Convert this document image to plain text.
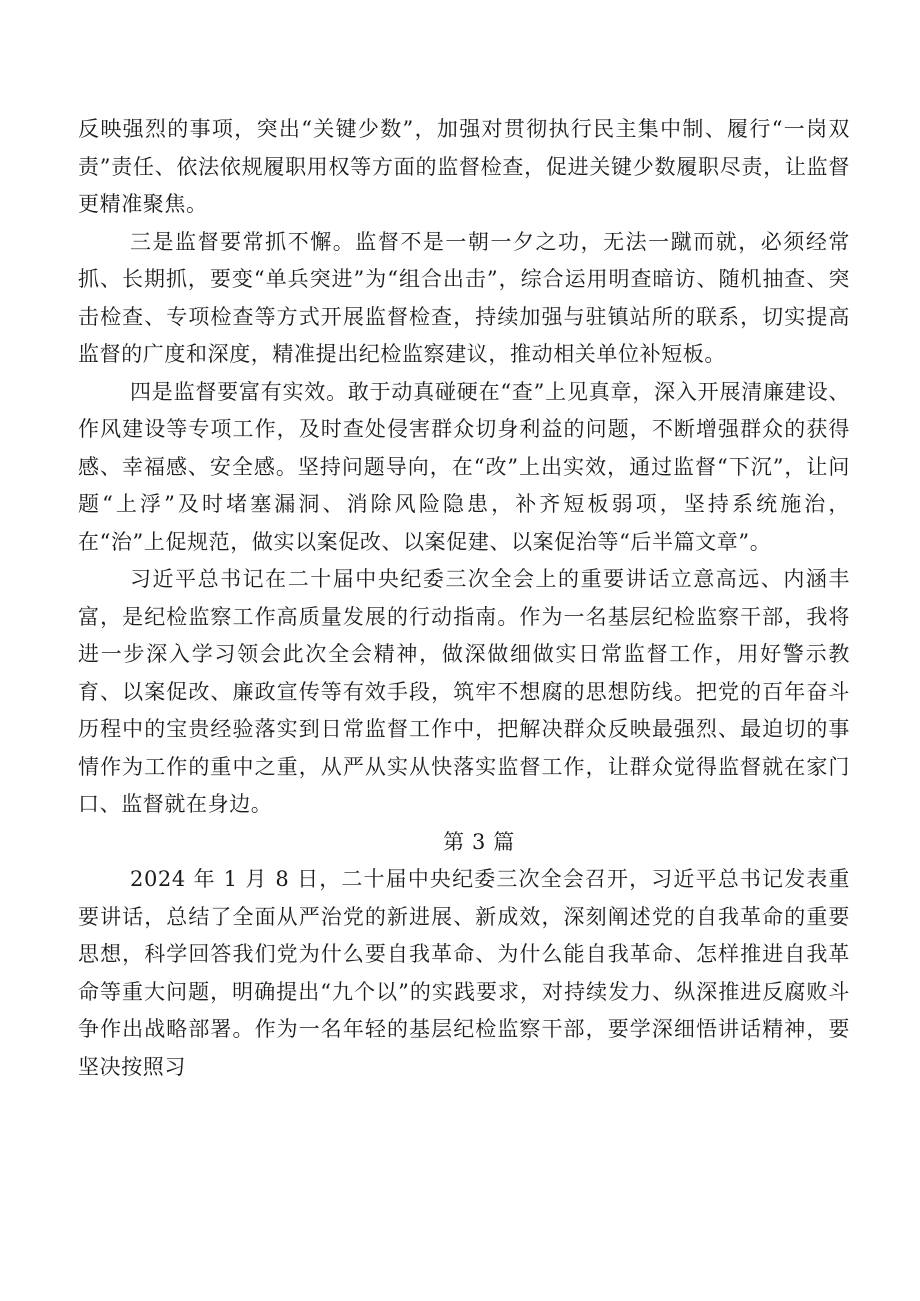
反映强烈的事项，突出“关键少数”，加强对贯彻执行民主集中制、履行“一岗双责”责任、依法依规履职用权等方面的监督检查，促进关键少数履职尽责，让监督更精准聚焦。

三是监督要常抓不懈。监督不是一朝一夕之功，无法一蹴而就，必须经常抓、长期抓，要变“单兵突进”为“组合出击”，综合运用明查暗访、随机抽查、突击检查、专项检查等方式开展监督检查，持续加强与驻镇站所的联系，切实提高监督的广度和深度，精准提出纪检监察建议，推动相关单位补短板。

四是监督要富有实效。敢于动真碰硬在“查”上见真章，深入开展清廉建设、作风建设等专项工作，及时查处侵害群众切身利益的问题，不断增强群众的获得感、幸福感、安全感。坚持问题导向，在“改”上出实效，通过监督“下沉”，让问题“上浮”及时堵塞漏洞、消除风险隐患，补齐短板弱项，坚持系统施治，在“治”上促规范，做实以案促改、以案促建、以案促治等“后半篇文章”。

习近平总书记在二十届中央纪委三次全会上的重要讲话立意高远、内涵丰富，是纪检监察工作高质量发展的行动指南。作为一名基层纪检监察干部，我将进一步深入学习领会此次全会精神，做深做细做实日常监督工作，用好警示教育、以案促改、廉政宣传等有效手段，筑牢不想腐的思想防线。把党的百年奋斗历程中的宝贵经验落实到日常监督工作中，把解决群众反映最强烈、最迫切的事情作为工作的重中之重，从严从实从快落实监督工作，让群众觉得监督就在家门口、监督就在身边。

第 3 篇

2024 年 1 月 8 日，二十届中央纪委三次全会召开，习近平总书记发表重要讲话，总结了全面从严治党的新进展、新成效，深刻阐述党的自我革命的重要思想，科学回答我们党为什么要自我革命、为什么能自我革命、怎样推进自我革命等重大问题，明确提出“九个以”的实践要求，对持续发力、纵深推进反腐败斗争作出战略部署。作为一名年轻的基层纪检监察干部，要学深细悟讲话精神，要坚决按照习
